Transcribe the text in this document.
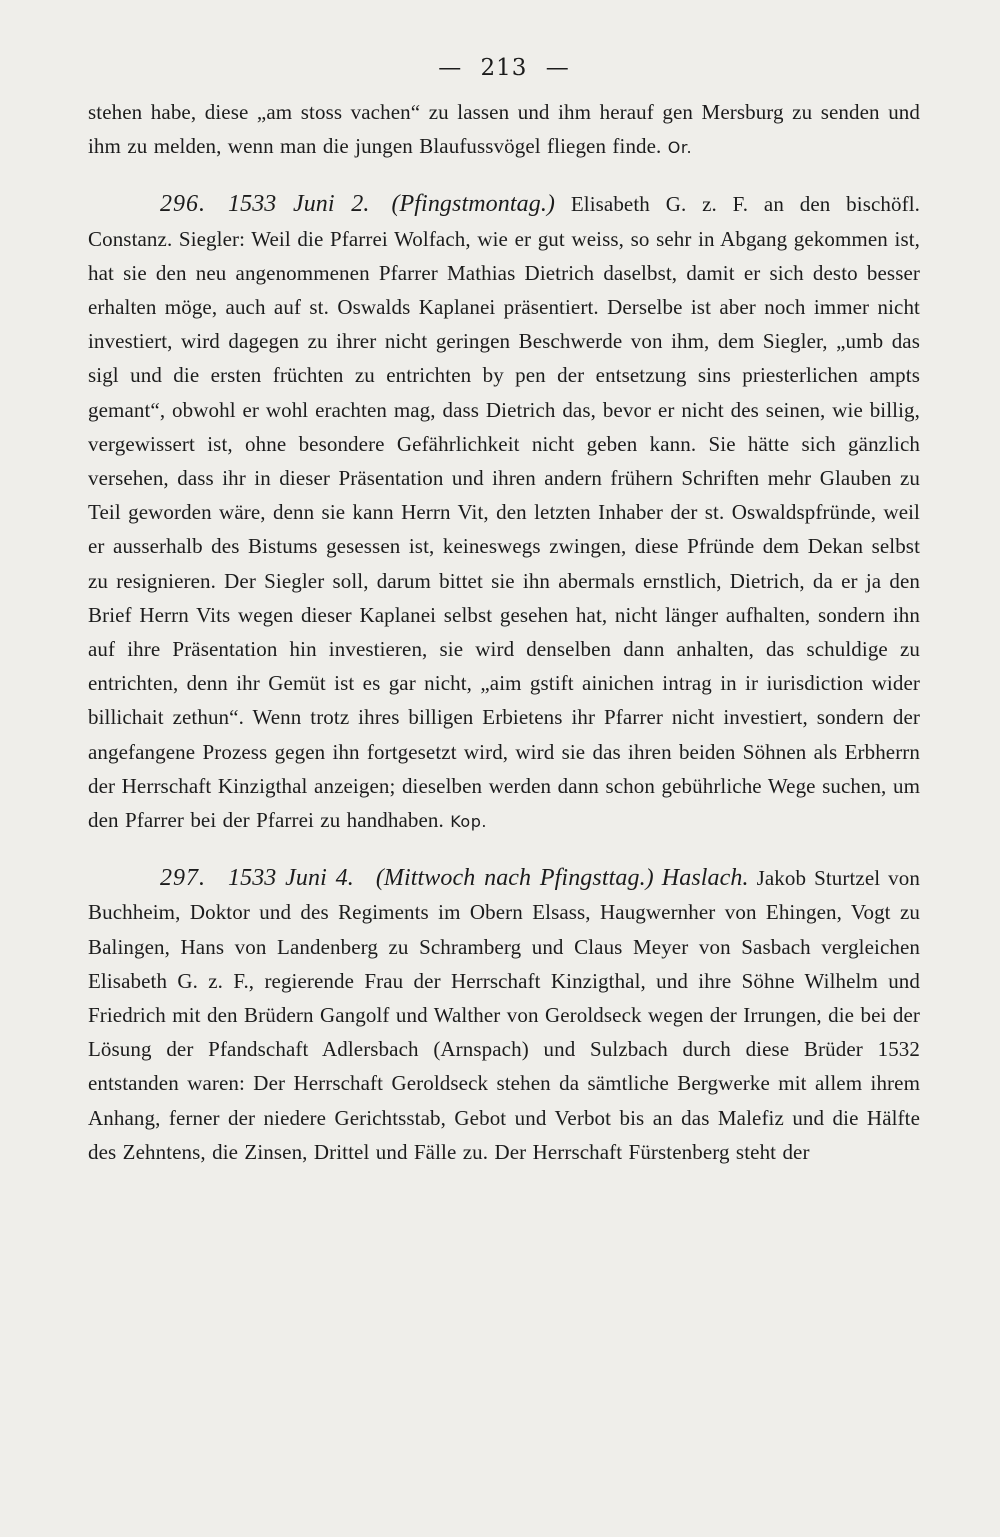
— 213 —

stehen habe, diese „am stoss vachen“ zu lassen und ihm herauf gen Mersburg zu senden und ihm zu melden, wenn man die jungen Blaufussvögel fliegen finde. Or.

296. 1533 Juni 2. (Pfingstmontag.) Elisabeth G. z. F. an den bischöfl. Constanz. Siegler: Weil die Pfarrei Wolfach, wie er gut weiss, so sehr in Abgang gekommen ist, hat sie den neu angenommenen Pfarrer Mathias Dietrich daselbst, damit er sich desto besser erhalten möge, auch auf st. Oswalds Kaplanei präsentiert. Derselbe ist aber noch immer nicht investiert, wird dagegen zu ihrer nicht geringen Beschwerde von ihm, dem Siegler, „umb das sigl und die ersten früchten zu entrichten by pen der entsetzung sins priesterlichen ampts gemant“, obwohl er wohl erachten mag, dass Dietrich das, bevor er nicht des seinen, wie billig, vergewissert ist, ohne besondere Gefährlichkeit nicht geben kann. Sie hätte sich gänzlich versehen, dass ihr in dieser Präsentation und ihren andern frühern Schriften mehr Glauben zu Teil geworden wäre, denn sie kann Herrn Vit, den letzten Inhaber der st. Oswaldspfründe, weil er ausserhalb des Bistums gesessen ist, keineswegs zwingen, diese Pfründe dem Dekan selbst zu resignieren. Der Siegler soll, darum bittet sie ihn abermals ernstlich, Dietrich, da er ja den Brief Herrn Vits wegen dieser Kaplanei selbst gesehen hat, nicht länger aufhalten, sondern ihn auf ihre Präsentation hin investieren, sie wird denselben dann anhalten, das schuldige zu entrichten, denn ihr Gemüt ist es gar nicht, „aim gstift ainichen intrag in ir iurisdiction wider billichait zethun“. Wenn trotz ihres billigen Erbietens ihr Pfarrer nicht investiert, sondern der angefangene Prozess gegen ihn fortgesetzt wird, wird sie das ihren beiden Söhnen als Erbherrn der Herrschaft Kinzigthal anzeigen; dieselben werden dann schon gebührliche Wege suchen, um den Pfarrer bei der Pfarrei zu handhaben. Kop.

297. 1533 Juni 4. (Mittwoch nach Pfingsttag.) Haslach. Jakob Sturtzel von Buchheim, Doktor und des Regiments im Obern Elsass, Haugwernher von Ehingen, Vogt zu Balingen, Hans von Landenberg zu Schramberg und Claus Meyer von Sasbach vergleichen Elisabeth G. z. F., regierende Frau der Herrschaft Kinzigthal, und ihre Söhne Wilhelm und Friedrich mit den Brüdern Gangolf und Walther von Geroldseck wegen der Irrungen, die bei der Lösung der Pfandschaft Adlersbach (Arnspach) und Sulzbach durch diese Brüder 1532 entstanden waren: Der Herrschaft Geroldseck stehen da sämtliche Bergwerke mit allem ihrem Anhang, ferner der niedere Gerichtsstab, Gebot und Verbot bis an das Malefiz und die Hälfte des Zehntens, die Zinsen, Drittel und Fälle zu. Der Herrschaft Fürstenberg steht der
